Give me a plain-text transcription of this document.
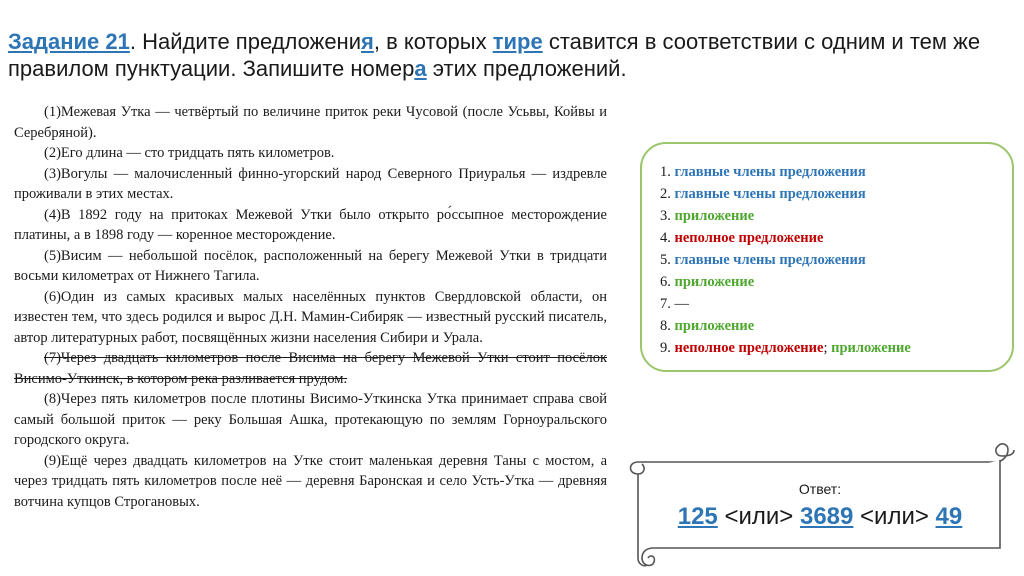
Задание 21. Найдите предложения, в которых тире ставится в соответствии с одним и тем же правилом пунктуации. Запишите номера этих предложений.
(1)Межевая Утка — четвёртый по величине приток реки Чусовой (после Усьвы, Койвы и Серебряной).
(2)Его длина — сто тридцать пять километров.
(3)Вогулы — малочисленный финно-угорский народ Северного Приуралья — издревле проживали в этих местах.
(4)В 1892 году на притоках Межевой Утки было открыто ро́ссыпное месторождение платины, а в 1898 году — коренное месторождение.
(5)Висим — небольшой посёлок, расположенный на берегу Межевой Утки в тридцати восьми километрах от Нижнего Тагила.
(6)Один из самых красивых малых населённых пунктов Свердловской области, он известен тем, что здесь родился и вырос Д.Н. Мамин-Сибиряк — известный русский писатель, автор литературных работ, посвящённых жизни населения Сибири и Урала.
(7)Через двадцать километров после Висима на берегу Межевой Утки стоит посёлок Висимо-Уткинск, в котором река разливается прудом.
(8)Через пять километров после плотины Висимо-Уткинска Утка принимает справа свой самый большой приток — реку Большая Ашка, протекающую по землям Горноуральского городского округа.
(9)Ещё через двадцать километров на Утке стоит маленькая деревня Таны с мостом, а через тридцать пять километров после неё — деревня Баронская и село Усть-Утка — древняя вотчина купцов Строгановых.
1. главные члены предложения
2. главные члены предложения
3. приложение
4. неполное предложение
5. главные члены предложения
6. приложение
7. —
8. приложение
9. неполное предложение; приложение
Ответ:
125 <или> 3689 <или> 49
